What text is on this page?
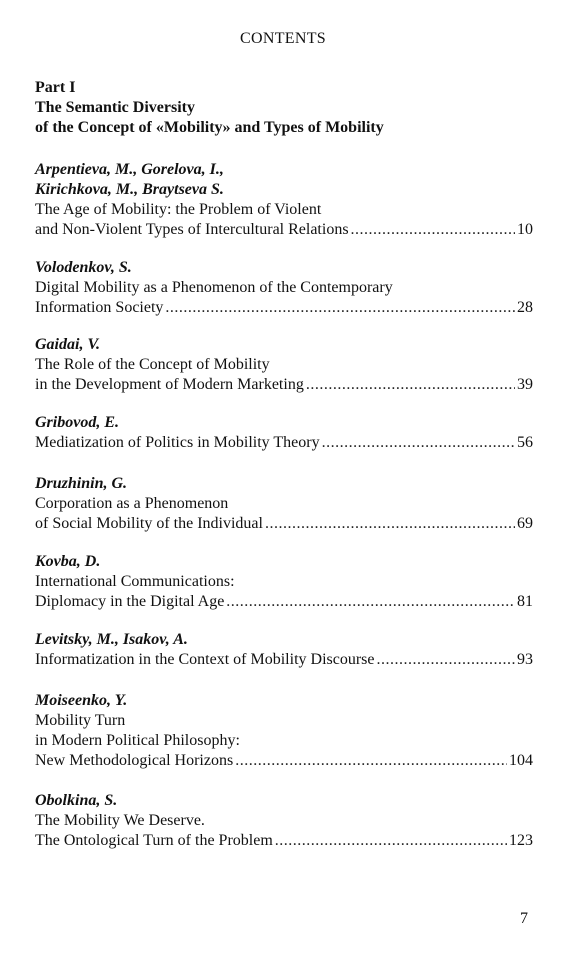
CONTENTS
Part I
The Semantic Diversity
of the Concept of «Mobility» and Types of Mobility
Arpentieva, M., Gorelova, I.,
Kirichkova, M., Braytseva S.
The Age of Mobility: the Problem of Violent
and Non-Violent Types of Intercultural Relations .....	10
Volodenkov, S.
Digital Mobility as a Phenomenon of the Contemporary
Information Society .....	28
Gaidai, V.
The Role of the Concept of Mobility
in the Development of Modern Marketing .....	39
Gribovod, E.
Mediatization of Politics in Mobility Theory .....	56
Druzhinin, G.
Corporation as a Phenomenon
of Social Mobility of the Individual .....	69
Kovba, D.
International Communications:
Diplomacy in the Digital Age .....	81
Levitsky, M., Isakov, A.
Informatization in the Context of Mobility Discourse .....	93
Moiseenko, Y.
Mobility Turn
in Modern Political Philosophy:
New Methodological Horizons .....	104
Obolkina, S.
The Mobility We Deserve.
The Ontological Turn of the Problem .....	123
7
